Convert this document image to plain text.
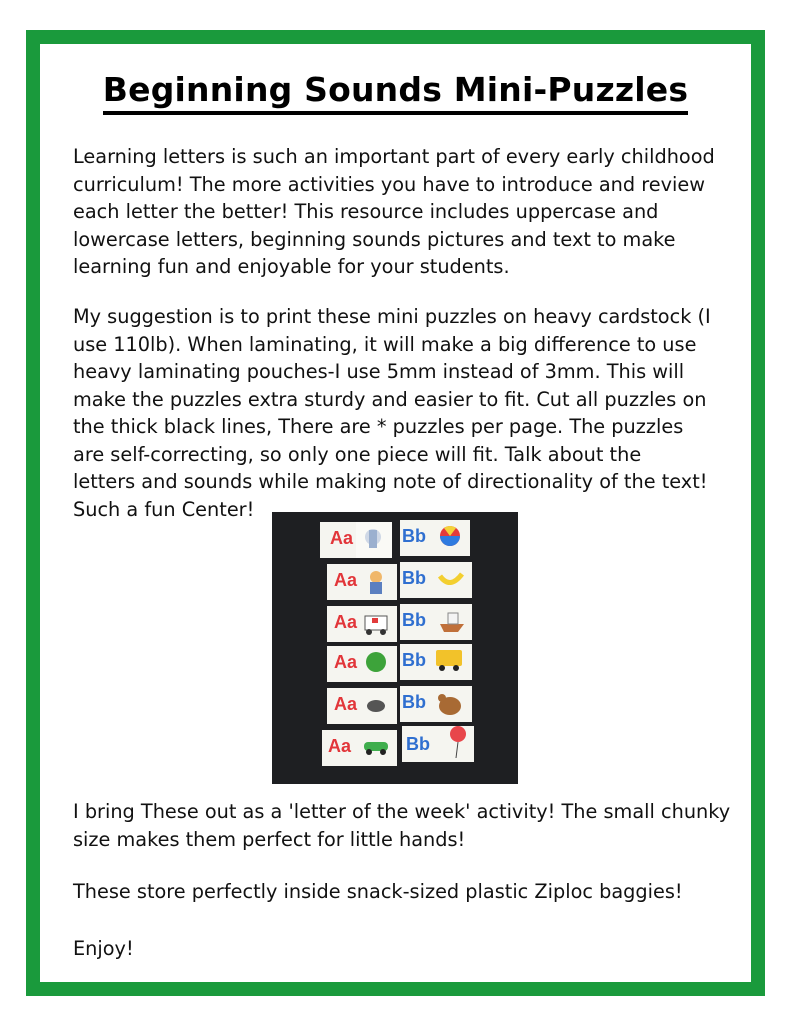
Beginning Sounds Mini-Puzzles

Learning letters is such an important part of every early childhood
curriculum! The more activities you have to introduce and review
each letter the better! This resource includes uppercase and
lowercase letters, beginning sounds pictures and text to make
learning fun and enjoyable for your students.

My suggestion is to print these mini puzzles on heavy cardstock (I
use 110lb). When laminating, it will make a big difference to use
heavy laminating pouches-I use 5mm instead of 3mm. This will
make the puzzles extra sturdy and easier to fit. Cut all puzzles on
the thick black lines, There are * puzzles per page. The puzzles
are self-correcting, so only one piece will fit. Talk about the
letters and sounds while making note of directionality of the text!
Such a fun Center!

Aa
Aa
Aa
Aa
Aa
Aa
Bb
Bb
Bb
Bb
Bb
Bb

I bring These out as a 'letter of the week' activity! The small chunky
size makes them perfect for little hands!

These store perfectly inside snack-sized plastic Ziploc baggies!

Enjoy!
